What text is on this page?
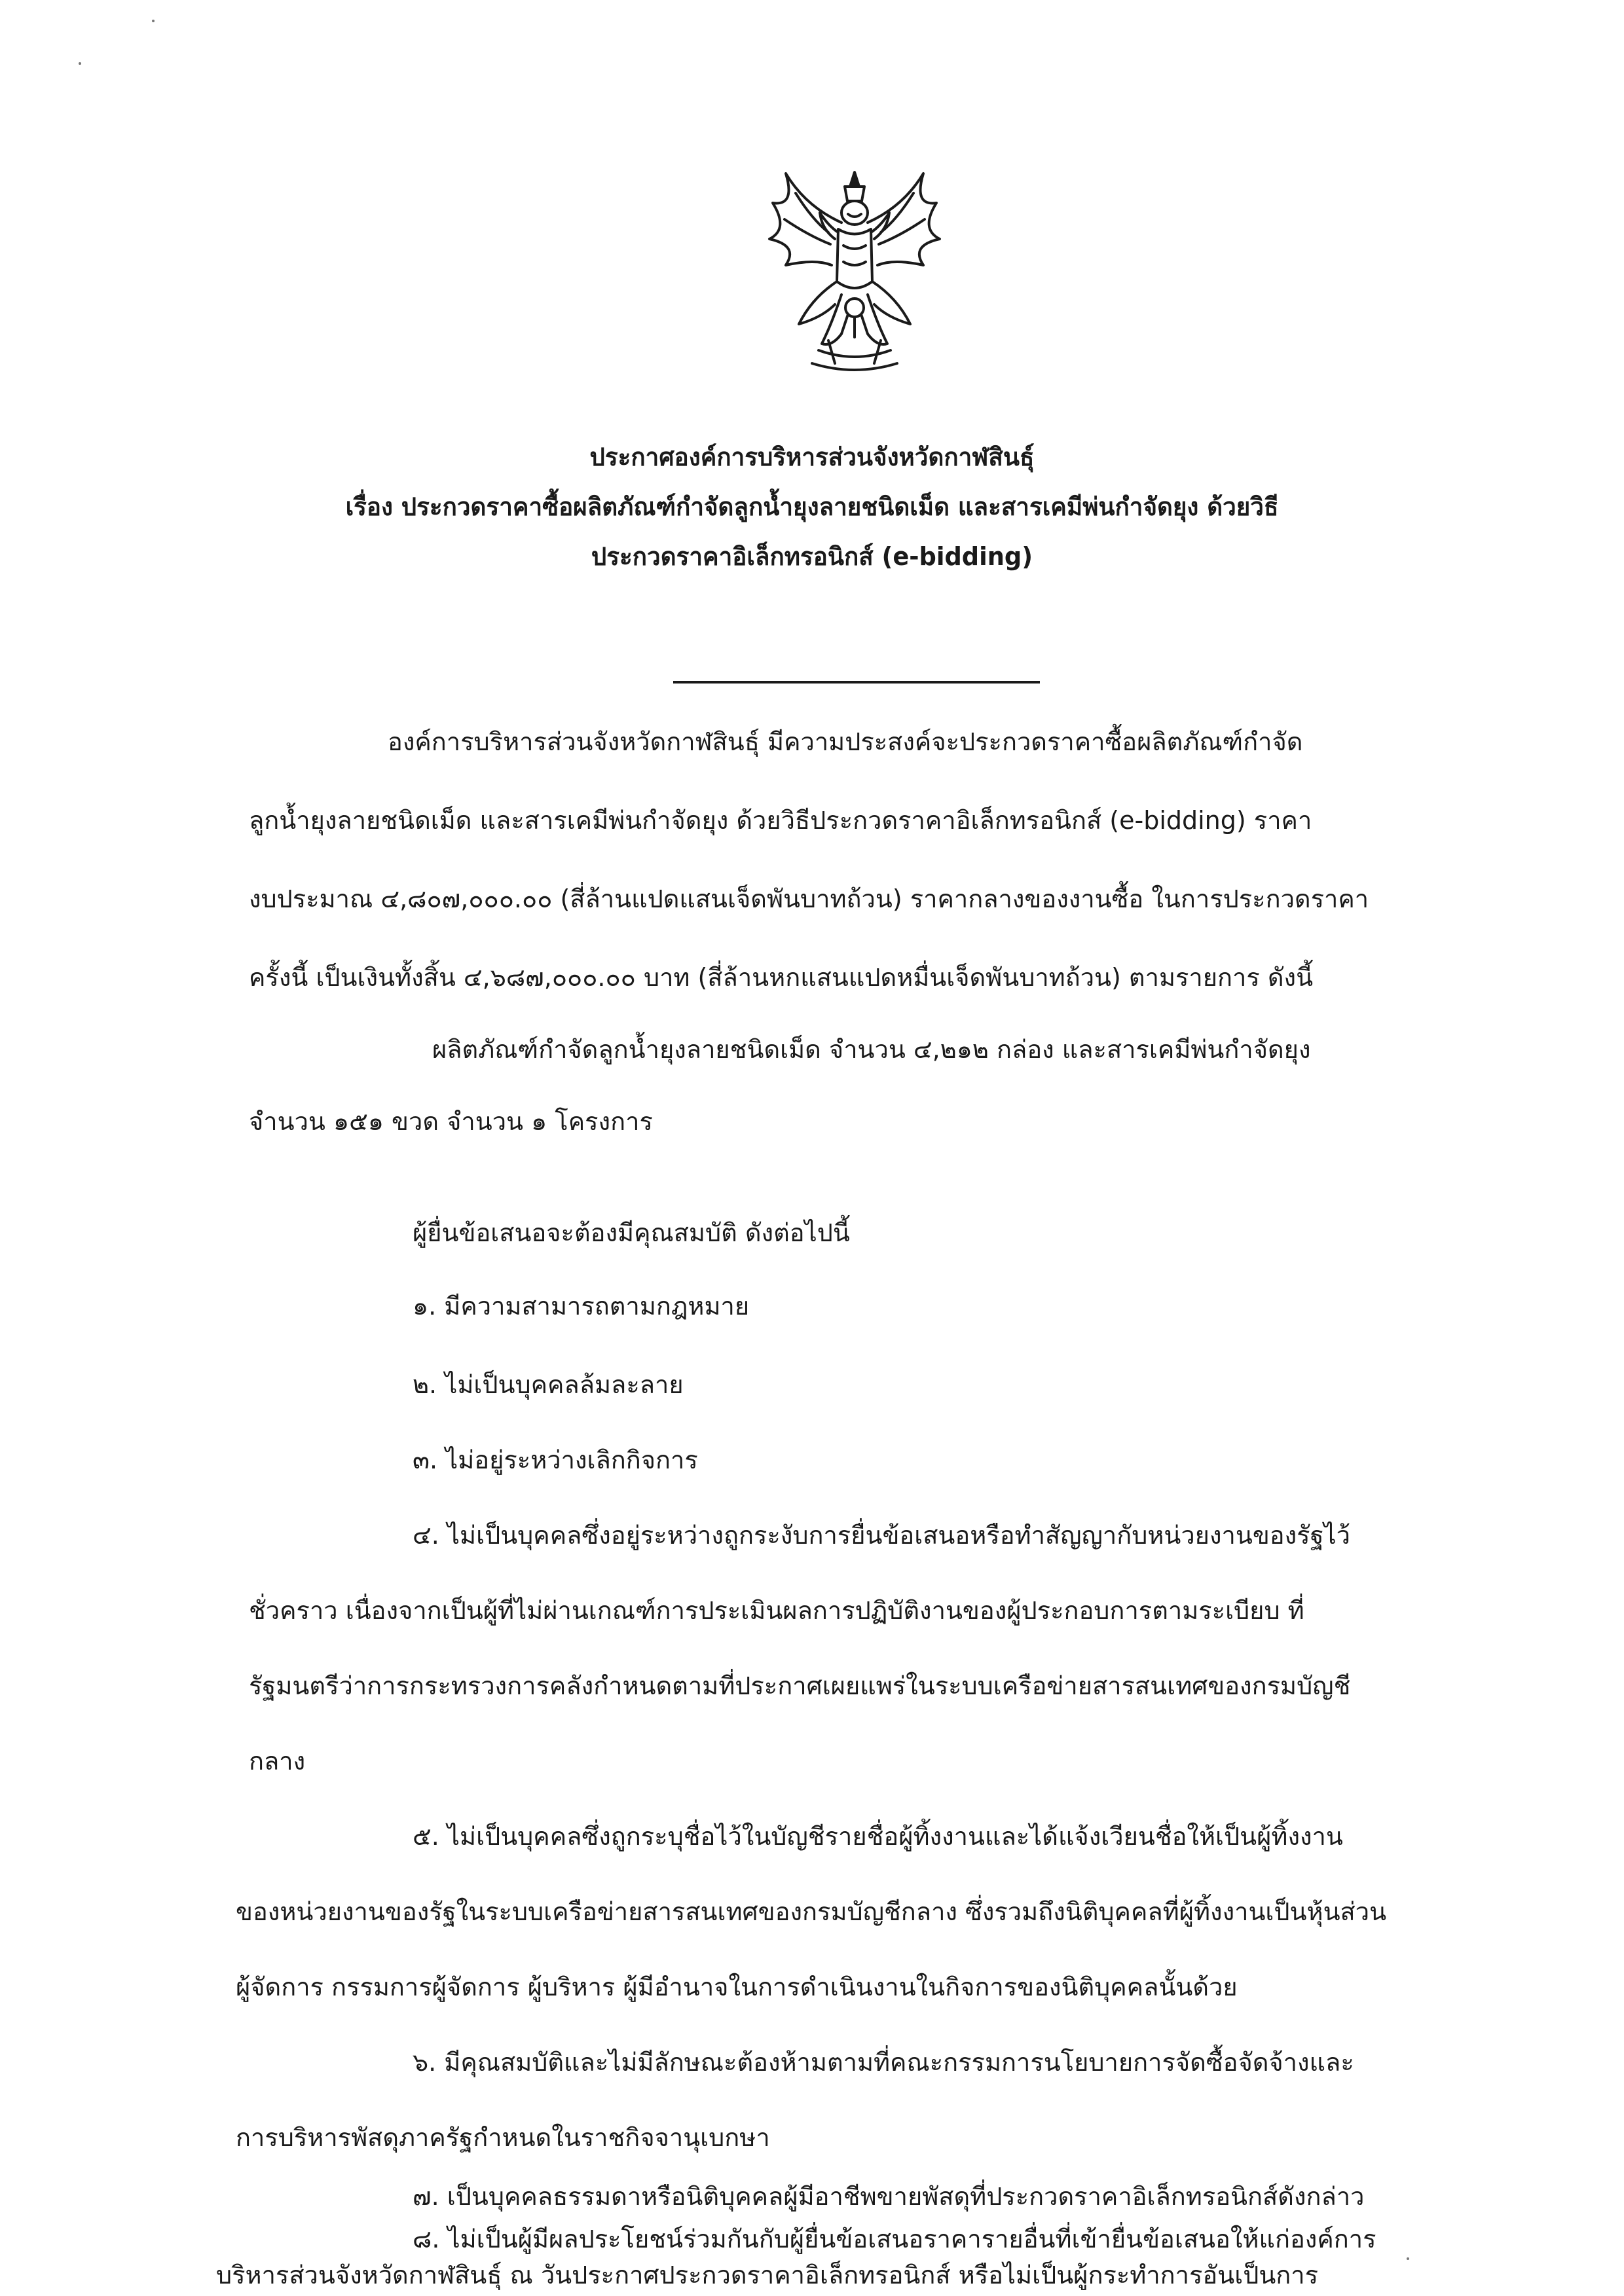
ประกาศองค์การบริหารส่วนจังหวัดกาฬสินธุ์
เรื่อง ประกวดราคาซื้อผลิตภัณฑ์กำจัดลูกน้ำยุงลายชนิดเม็ด และสารเคมีพ่นกำจัดยุง ด้วยวิธี
ประกวดราคาอิเล็กทรอนิกส์ (e-bidding)
องค์การบริหารส่วนจังหวัดกาฬสินธุ์ มีความประสงค์จะประกวดราคาซื้อผลิตภัณฑ์กำจัด
ลูกน้ำยุงลายชนิดเม็ด และสารเคมีพ่นกำจัดยุง ด้วยวิธีประกวดราคาอิเล็กทรอนิกส์ (e-bidding) ราคา
งบประมาณ ๔,๘๐๗,๐๐๐.๐๐ (สี่ล้านแปดแสนเจ็ดพันบาทถ้วน) ราคากลางของงานซื้อ ในการประกวดราคา
ครั้งนี้ เป็นเงินทั้งสิ้น ๔,๖๘๗,๐๐๐.๐๐ บาท (สี่ล้านหกแสนแปดหมื่นเจ็ดพันบาทถ้วน) ตามรายการ ดังนี้
ผลิตภัณฑ์กำจัดลูกน้ำยุงลายชนิดเม็ด จำนวน ๔,๒๑๒ กล่อง และสารเคมีพ่นกำจัดยุง
จำนวน ๑๕๑ ขวด จำนวน ๑ โครงการ
ผู้ยื่นข้อเสนอจะต้องมีคุณสมบัติ ดังต่อไปนี้
๑. มีความสามารถตามกฎหมาย
๒. ไม่เป็นบุคคลล้มละลาย
๓. ไม่อยู่ระหว่างเลิกกิจการ
๔. ไม่เป็นบุคคลซึ่งอยู่ระหว่างถูกระงับการยื่นข้อเสนอหรือทำสัญญากับหน่วยงานของรัฐไว้
ชั่วคราว เนื่องจากเป็นผู้ที่ไม่ผ่านเกณฑ์การประเมินผลการปฏิบัติงานของผู้ประกอบการตามระเบียบ ที่
รัฐมนตรีว่าการกระทรวงการคลังกำหนดตามที่ประกาศเผยแพร่ในระบบเครือข่ายสารสนเทศของกรมบัญชี
กลาง
๕. ไม่เป็นบุคคลซึ่งถูกระบุชื่อไว้ในบัญชีรายชื่อผู้ทิ้งงานและได้แจ้งเวียนชื่อให้เป็นผู้ทิ้งงาน
ของหน่วยงานของรัฐในระบบเครือข่ายสารสนเทศของกรมบัญชีกลาง ซึ่งรวมถึงนิติบุคคลที่ผู้ทิ้งงานเป็นหุ้นส่วน
ผู้จัดการ กรรมการผู้จัดการ ผู้บริหาร ผู้มีอำนาจในการดำเนินงานในกิจการของนิติบุคคลนั้นด้วย
๖. มีคุณสมบัติและไม่มีลักษณะต้องห้ามตามที่คณะกรรมการนโยบายการจัดซื้อจัดจ้างและ
การบริหารพัสดุภาครัฐกำหนดในราชกิจจานุเบกษา
๗. เป็นบุคคลธรรมดาหรือนิติบุคคลผู้มีอาชีพขายพัสดุที่ประกวดราคาอิเล็กทรอนิกส์ดังกล่าว
๘. ไม่เป็นผู้มีผลประโยชน์ร่วมกันกับผู้ยื่นข้อเสนอราคารายอื่นที่เข้ายื่นข้อเสนอให้แก่องค์การ
บริหารส่วนจังหวัดกาฬสินธุ์ ณ วันประกาศประกวดราคาอิเล็กทรอนิกส์ หรือไม่เป็นผู้กระทำการอันเป็นการ
